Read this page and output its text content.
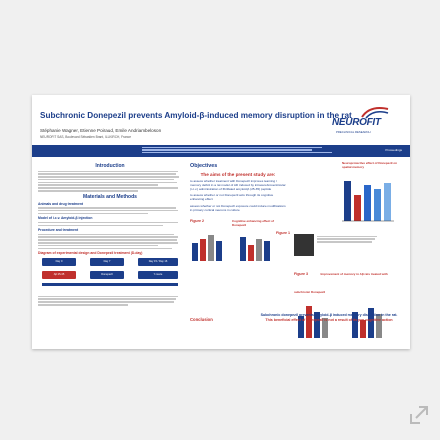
Subchronic Donepezil prevents Amyloid-β-induced memory disruption in the rat
Stéphanie Wagner, Etienne Poiraud, Emile Andriambeloson
NEUROFIT SAS, Boulevard Sébastien Brant, ILLKIRCH, France
NEUROFIT
PRECLINICAL RESEARCH
Proceedings
Introduction
Materials and Methods
Animals and drug treatment
Model of i.c.v. Amyloid-β injection
Procedure and treatment
Diagram of experimental design and Donepezil treatment (D-day)
Day 0	Day 7	Day 15 / Day 16
Aβ 25-35	Donepezil	Y-maze
Objectives
The aims of the present study are:
to assess whether treatment with Donepezil improves learning / memory deficit in a rat model of AD induced by intracerebroventricular (i.c.v.) administration of fibrillated amyloid-β (25-35) peptide
to assess whether or not Donepezil acts through its cognitive enhancing effect
assess whether or not Donepezil exposure could induce modifications in primary cortical neurons in culture
Figure 2	Cognitive enhancing effect of Donepezil
Figure 1
Neuroprotective effect of Donepezil on spatial memory
Figure 3	Improvement of memory in Aβ rats treated with subchronic Donepezil
Conclusion
Subchronic donepezil prevents amyloid-β induced memory disruption in the rat.
This beneficial effect of Donepezil is not a result of its pro-cognitive action
